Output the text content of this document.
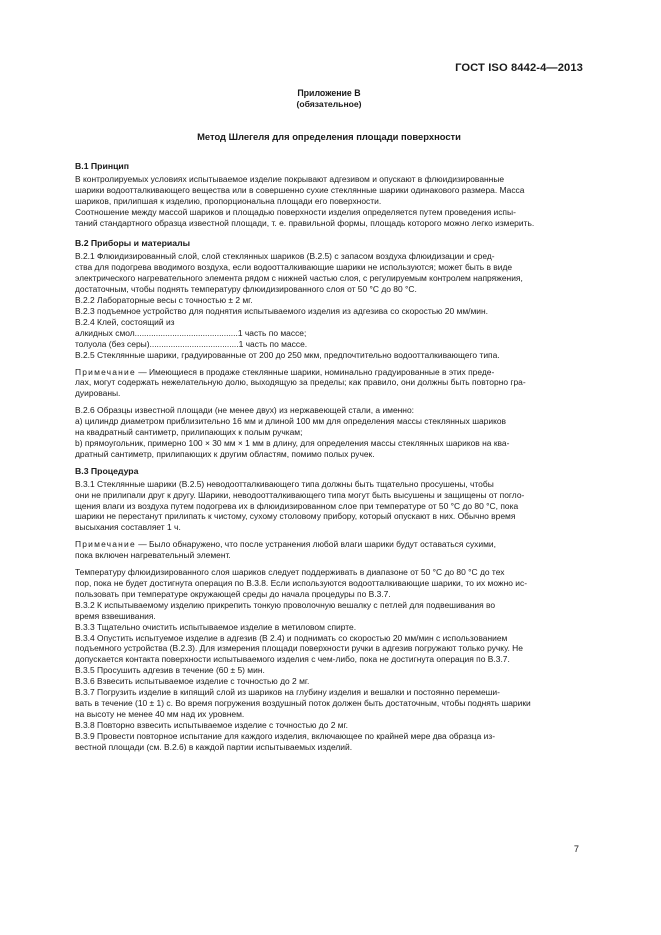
ГОСТ ISO 8442-4—2013
Приложение В
(обязательное)
Метод Шлегеля для определения площади поверхности
В.1 Принцип
В контролируемых условиях испытываемое изделие покрывают адгезивом и опускают в флюидизированные
шарики водоотталкивающего вещества или в совершенно сухие стеклянные шарики одинакового размера. Масса
шариков, прилипшая к изделию, пропорциональна площади его поверхности.
Соотношение между массой шариков и площадью поверхности изделия определяется путем проведения испы-
таний стандартного образца известной площади, т. е. правильной формы, площадь которого можно легко измерить.
В.2 Приборы и материалы
В.2.1 Флюидизированный слой, слой стеклянных шариков (В.2.5) с запасом воздуха флюидизации и сред-
ства для подогрева вводимого воздуха, если водоотталкивающие шарики не используются; может быть в виде
электрического нагревательного элемента рядом с нижней частью слоя, с регулируемым контролем напряжения,
достаточным, чтобы поднять температуру флюидизированного слоя от 50 °С до 80 °С.
В.2.2 Лабораторные весы с точностью ± 2 мг.
В.2.3 подъемное устройство для поднятия испытываемого изделия из адгезива со скоростью 20 мм/мин.
В.2.4 Клей, состоящий из
алкидных смол............................................1 часть по массе;
толуола (без серы)......................................1 часть по массе.
В.2.5 Стеклянные шарики, градуированные от 200 до 250 мкм, предпочтительно водоотталкивающего типа.
Примечание — Имеющиеся в продаже стеклянные шарики, номинально градуированные в этих преде-
лах, могут содержать нежелательную долю, выходящую за пределы; как правило, они должны быть повторно гра-
дуированы.
В.2.6 Образцы известной площади (не менее двух) из нержавеющей стали, а именно:
а) цилиндр диаметром приблизительно 16 мм и длиной 100 мм для определения массы стеклянных шариков
на квадратный сантиметр, прилипающих к полым ручкам;
b) прямоугольник, примерно 100 × 30 мм × 1 мм в длину, для определения массы стеклянных шариков на ква-
дратный сантиметр, прилипающих к другим областям, помимо полых ручек.
В.3 Процедура
В.3.1 Стеклянные шарики (В.2.5) неводоотталкивающего типа должны быть тщательно просушены, чтобы
они не прилипали друг к другу. Шарики, неводоотталкивающего типа могут быть высушены и защищены от погло-
щения влаги из воздуха путем подогрева их в флюидизированном слое при температуре от 50 °С до 80 °С, пока
шарики не перестанут прилипать к чистому, сухому столовому прибору, который опускают в них. Обычно время
высыхания составляет 1 ч.
Примечание — Было обнаружено, что после устранения любой влаги шарики будут оставаться сухими,
пока включен нагревательный элемент.
Температуру флюидизированного слоя шариков следует поддерживать в диапазоне от 50 °С до 80 °С до тех
пор, пока не будет достигнута операция по В.3.8. Если используются водоотталкивающие шарики, то их можно ис-
пользовать при температуре окружающей среды до начала процедуры по В.3.7.
В.3.2 К испытываемому изделию прикрепить тонкую проволочную вешалку с петлей для подвешивания во
время взвешивания.
В.3.3 Тщательно очистить испытываемое изделие в метиловом спирте.
В.3.4 Опустить испытуемое изделие в адгезив (В 2.4) и поднимать со скоростью 20 мм/мин с использованием
подъемного устройства (В.2.3). Для измерения площади поверхности ручки в адгезив погружают только ручку. Не
допускается контакта поверхности испытываемого изделия с чем-либо, пока не достигнута операция по В.3.7.
В.3.5 Просушить адгезив в течение (60 ± 5) мин.
В.3.6 Взвесить испытываемое изделие с точностью до 2 мг.
В.3.7 Погрузить изделие в кипящий слой из шариков на глубину изделия и вешалки и постоянно перемеши-
вать в течение (10 ± 1) с. Во время погружения воздушный поток должен быть достаточным, чтобы поднять шарики
на высоту не менее 40 мм над их уровнем.
В.3.8 Повторно взвесить испытываемое изделие с точностью до 2 мг.
В.3.9 Провести повторное испытание для каждого изделия, включающее по крайней мере два образца из-
вестной площади (см. В.2.6) в каждой партии испытываемых изделий.
7
